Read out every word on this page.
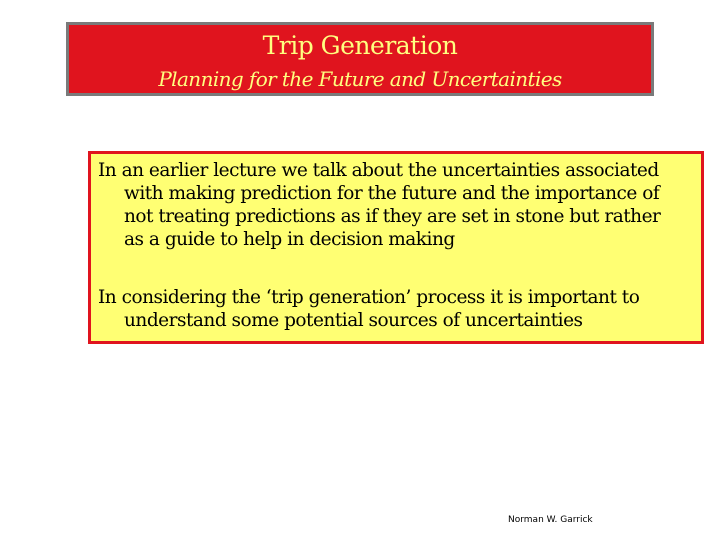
Trip Generation
Planning for the Future and Uncertainties
In an earlier lecture we talk about the uncertainties associated
with making prediction for the future and the importance of
not treating predictions as if they are set in stone but rather
as a guide to help in decision making
In considering the ‘trip generation’ process it is important to
understand some potential sources of uncertainties
Norman W. Garrick
